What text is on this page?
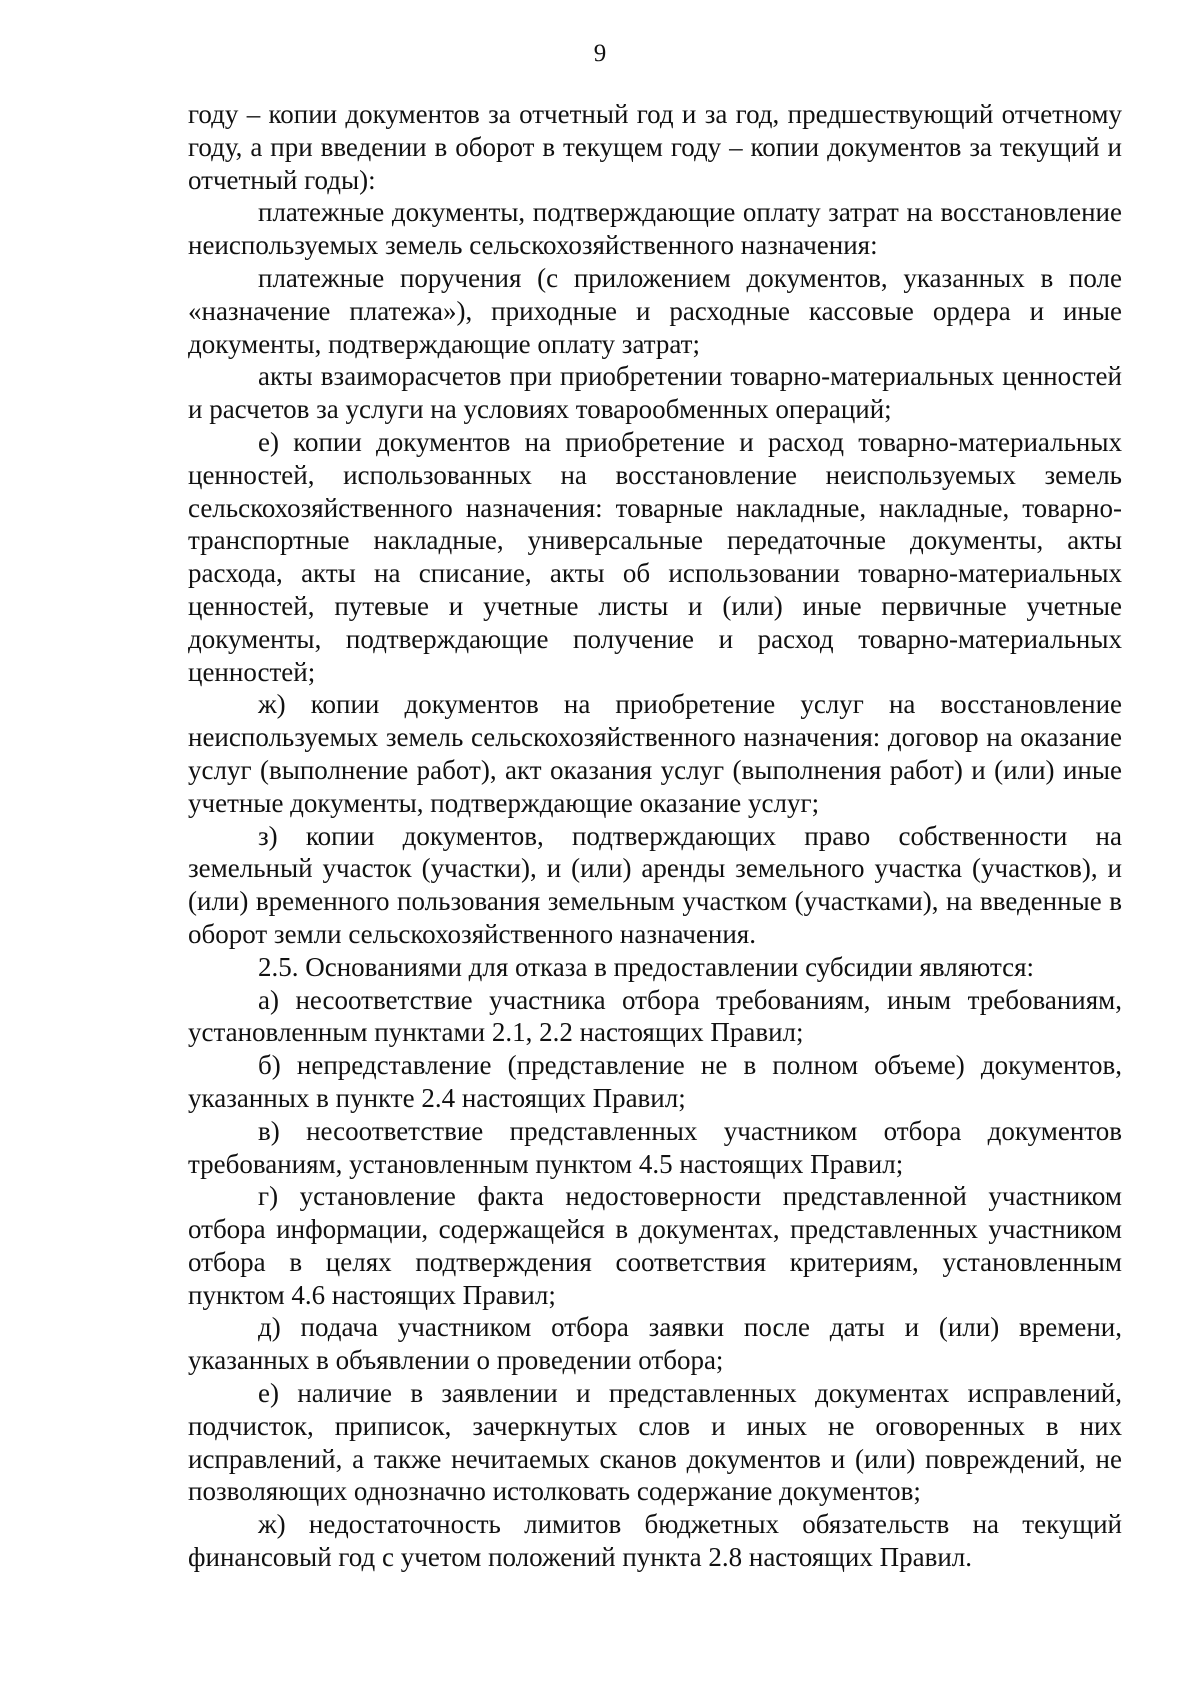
9

году – копии документов за отчетный год и за год, предшествующий отчетному году, а при введении в оборот в текущем году – копии документов за текущий и отчетный годы):

платежные документы, подтверждающие оплату затрат на восстановление неиспользуемых земель сельскохозяйственного назначения:

платежные поручения (с приложением документов, указанных в поле «назначение платежа»), приходные и расходные кассовые ордера и иные документы, подтверждающие оплату затрат;

акты взаиморасчетов при приобретении товарно-материальных ценностей и расчетов за услуги на условиях товарообменных операций;

е) копии документов на приобретение и расход товарно-материальных ценностей, использованных на восстановление неиспользуемых земель сельскохозяйственного назначения: товарные накладные, накладные, товарно-транспортные накладные, универсальные передаточные документы, акты расхода, акты на списание, акты об использовании товарно-материальных ценностей, путевые и учетные листы и (или) иные первичные учетные документы, подтверждающие получение и расход товарно-материальных ценностей;

ж) копии документов на приобретение услуг на восстановление неиспользуемых земель сельскохозяйственного назначения: договор на оказание услуг (выполнение работ), акт оказания услуг (выполнения работ) и (или) иные учетные документы, подтверждающие оказание услуг;

з) копии документов, подтверждающих право собственности на земельный участок (участки), и (или) аренды земельного участка (участков), и (или) временного пользования земельным участком (участками), на введенные в оборот земли сельскохозяйственного назначения.

2.5. Основаниями для отказа в предоставлении субсидии являются:

а) несоответствие участника отбора требованиям, иным требованиям, установленным пунктами 2.1, 2.2 настоящих Правил;

б) непредставление (представление не в полном объеме) документов, указанных в пункте 2.4 настоящих Правил;

в) несоответствие представленных участником отбора документов требованиям, установленным пунктом 4.5 настоящих Правил;

г) установление факта недостоверности представленной участником отбора информации, содержащейся в документах, представленных участником отбора в целях подтверждения соответствия критериям, установленным пунктом 4.6 настоящих Правил;

д) подача участником отбора заявки после даты и (или) времени, указанных в объявлении о проведении отбора;

е) наличие в заявлении и представленных документах исправлений, подчисток, приписок, зачеркнутых слов и иных не оговоренных в них исправлений, а также нечитаемых сканов документов и (или) повреждений, не позволяющих однозначно истолковать содержание документов;

ж) недостаточность лимитов бюджетных обязательств на текущий финансовый год с учетом положений пункта 2.8 настоящих Правил.
